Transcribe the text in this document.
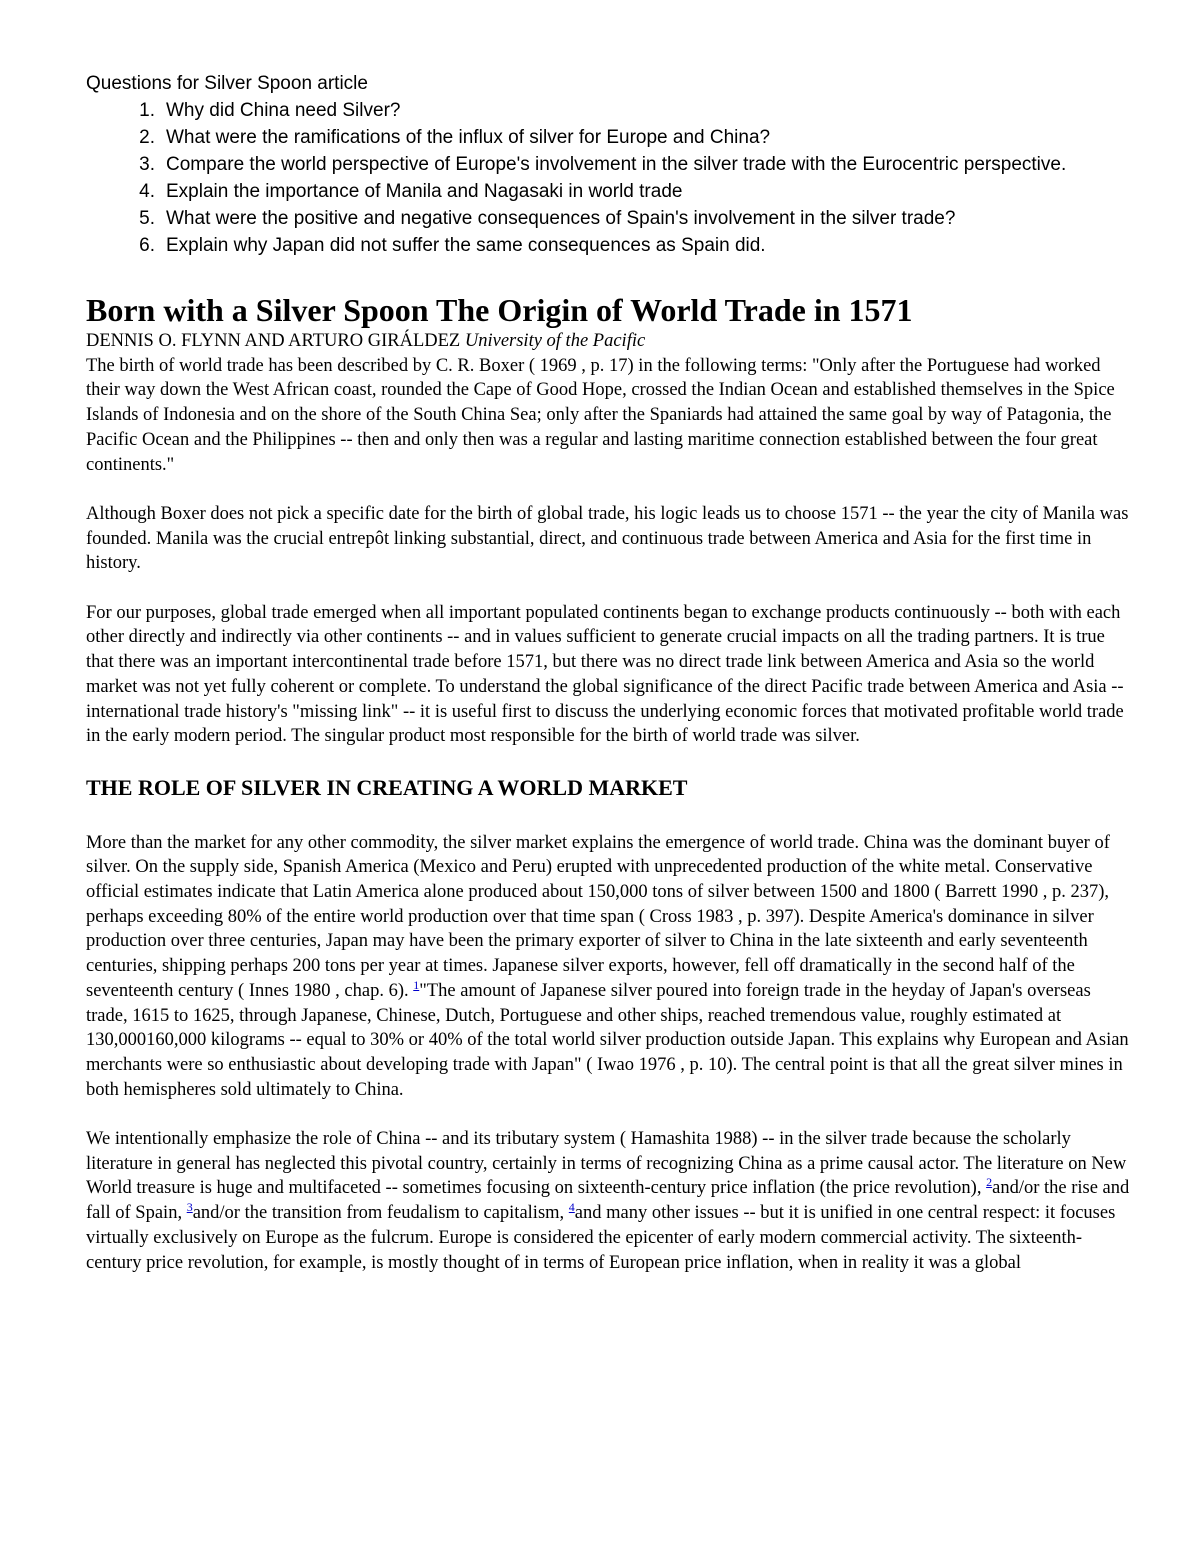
Questions for Silver Spoon article

1. Why did China need Silver?
2. What were the ramifications of the influx of silver for Europe and China?
3. Compare the world perspective of Europe's involvement in the silver trade with the Eurocentric perspective.
4. Explain the importance of Manila and Nagasaki in world trade
5. What were the positive and negative consequences of Spain's involvement in the silver trade?
6. Explain why Japan did not suffer the same consequences as Spain did.
Born with a Silver Spoon The Origin of World Trade in 1571

DENNIS O. FLYNN AND ARTURO GIRÁLDEZ University of the Pacific

The birth of world trade has been described by C. R. Boxer ( 1969 , p. 17) in the following terms: "Only after the Portuguese had worked their way down the West African coast, rounded the Cape of Good Hope, crossed the Indian Ocean and established themselves in the Spice Islands of Indonesia and on the shore of the South China Sea; only after the Spaniards had attained the same goal by way of Patagonia, the Pacific Ocean and the Philippines -- then and only then was a regular and lasting maritime connection established between the four great continents."

Although Boxer does not pick a specific date for the birth of global trade, his logic leads us to choose 1571 -- the year the city of Manila was founded. Manila was the crucial entrepôt linking substantial, direct, and continuous trade between America and Asia for the first time in history.

For our purposes, global trade emerged when all important populated continents began to exchange products continuously -- both with each other directly and indirectly via other continents -- and in values sufficient to generate crucial impacts on all the trading partners. It is true that there was an important intercontinental trade before 1571, but there was no direct trade link between America and Asia so the world market was not yet fully coherent or complete. To understand the global significance of the direct Pacific trade between America and Asia -- international trade history's "missing link" -- it is useful first to discuss the underlying economic forces that motivated profitable world trade in the early modern period. The singular product most responsible for the birth of world trade was silver.

THE ROLE OF SILVER IN CREATING A WORLD MARKET

More than the market for any other commodity, the silver market explains the emergence of world trade. China was the dominant buyer of silver. On the supply side, Spanish America (Mexico and Peru) erupted with unprecedented production of the white metal. Conservative official estimates indicate that Latin America alone produced about 150,000 tons of silver between 1500 and 1800 ( Barrett 1990 , p. 237), perhaps exceeding 80% of the entire world production over that time span ( Cross 1983 , p. 397). Despite America's dominance in silver production over three centuries, Japan may have been the primary exporter of silver to China in the late sixteenth and early seventeenth centuries, shipping perhaps 200 tons per year at times. Japanese silver exports, however, fell off dramatically in the second half of the seventeenth century ( Innes 1980 , chap. 6). $^1$"The amount of Japanese silver poured into foreign trade in the heyday of Japan's overseas trade, 1615 to 1625, through Japanese, Chinese, Dutch, Portuguese and other ships, reached tremendous value, roughly estimated at 130,000160,000 kilograms -- equal to 30% or 40% of the total world silver production outside Japan. This explains why European and Asian merchants were so enthusiastic about developing trade with Japan" ( Iwao 1976 , p. 10). The central point is that all the great silver mines in both hemispheres sold ultimately to China.

We intentionally emphasize the role of China -- and its tributary system ( Hamashita 1988) -- in the silver trade because the scholarly literature in general has neglected this pivotal country, certainly in terms of recognizing China as a prime causal actor. The literature on New World treasure is huge and multifaceted -- sometimes focusing on sixteenth-century price inflation (the price revolution), $^2$and/or the rise and fall of Spain, $^3$and/or the transition from feudalism to capitalism, $^4$and many other issues -- but it is unified in one central respect: it focuses virtually exclusively on Europe as the fulcrum. Europe is considered the epicenter of early modern commercial activity. The sixteenth-century price revolution, for example, is mostly thought of in terms of European price inflation, when in reality it was a global
